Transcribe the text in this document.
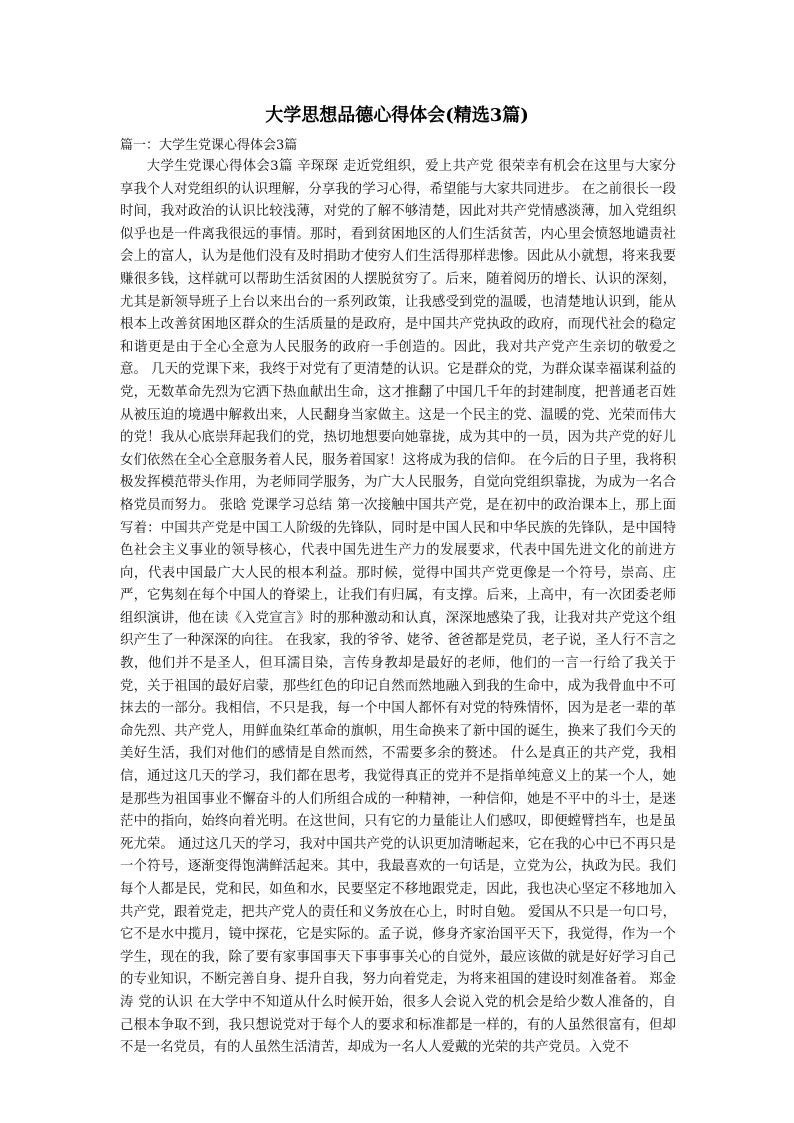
大学思想品德心得体会(精选3篇)

篇一：大学生党课心得体会3篇

大学生党课心得体会3篇 辛琛琛 走近党组织，爱上共产党 很荣幸有机会在这里与大家分享我个人对党组织的认识理解，分享我的学习心得，希望能与大家共同进步。 在之前很长一段时间，我对政治的认识比较浅薄，对党的了解不够清楚，因此对共产党情感淡薄，加入党组织似乎也是一件离我很远的事情。那时，看到贫困地区的人们生活贫苦，内心里会愤怒地谴责社会上的富人，认为是他们没有及时捐助才使穷人们生活得那样悲惨。因此从小就想，将来我要赚很多钱，这样就可以帮助生活贫困的人摆脱贫穷了。后来，随着阅历的增长、认识的深刻，尤其是新领导班子上台以来出台的一系列政策，让我感受到党的温暖，也清楚地认识到，能从根本上改善贫困地区群众的生活质量的是政府，是中国共产党执政的政府，而现代社会的稳定和谐更是由于全心全意为人民服务的政府一手创造的。因此，我对共产党产生亲切的敬爱之意。 几天的党课下来，我终于对党有了更清楚的认识。它是群众的党，为群众谋幸福谋利益的党，无数革命先烈为它洒下热血献出生命，这才推翻了中国几千年的封建制度，把普通老百姓从被压迫的境遇中解救出来，人民翻身当家做主。这是一个民主的党、温暖的党、光荣而伟大的党！我从心底崇拜起我们的党，热切地想要向她靠拢，成为其中的一员，因为共产党的好儿女们依然在全心全意服务着人民，服务着国家！这将成为我的信仰。 在今后的日子里，我将积极发挥模范带头作用，为老师同学服务，为广大人民服务，自觉向党组织靠拢，为成为一名合格党员而努力。 张晗 党课学习总结 第一次接触中国共产党，是在初中的政治课本上，那上面写着：中国共产党是中国工人阶级的先锋队，同时是中国人民和中华民族的先锋队，是中国特色社会主义事业的领导核心，代表中国先进生产力的发展要求，代表中国先进文化的前进方向，代表中国最广大人民的根本利益。那时候，觉得中国共产党更像是一个符号，崇高、庄严，它隽刻在每个中国人的脊梁上，让我们有归属，有支撑。后来，上高中，有一次团委老师组织演讲，他在读《入党宣言》时的那种激动和认真，深深地感染了我，让我对共产党这个组织产生了一种深深的向往。 在我家，我的爷爷、姥爷、爸爸都是党员，老子说，圣人行不言之教，他们并不是圣人，但耳濡目染，言传身教却是最好的老师，他们的一言一行给了我关于党，关于祖国的最好启蒙，那些红色的印记自然而然地融入到我的生命中，成为我骨血中不可抹去的一部分。我相信，不只是我，每一个中国人都怀有对党的特殊情怀，因为是老一辈的革命先烈、共产党人，用鲜血染红革命的旗帜，用生命换来了新中国的诞生，换来了我们今天的美好生活，我们对他们的感情是自然而然，不需要多余的赘述。 什么是真正的共产党，我相信，通过这几天的学习，我们都在思考，我觉得真正的党并不是指单纯意义上的某一个人，她是那些为祖国事业不懈奋斗的人们所组合成的一种精神，一种信仰，她是不平中的斗士，是迷茫中的指向，始终向着光明。在这世间，只有它的力量能让人们感叹，即便螳臂挡车，也是虽死尤荣。 通过这几天的学习，我对中国共产党的认识更加清晰起来，它在我的心中已不再只是一个符号，逐渐变得饱满鲜活起来。其中，我最喜欢的一句话是，立党为公，执政为民。我们每个人都是民，党和民，如鱼和水，民要坚定不移地跟党走，因此，我也决心坚定不移地加入共产党，跟着党走，把共产党人的责任和义务放在心上，时时自勉。 爱国从不只是一句口号，它不是水中揽月，镜中探花，它是实际的。孟子说，修身齐家治国平天下，我觉得，作为一个学生，现在的我，除了要有家事国事天下事事事关心的自觉外，最应该做的就是好好学习自己的专业知识，不断完善自身、提升自我，努力向着党走，为将来祖国的建设时刻准备着。 郑金涛 党的认识 在大学中不知道从什么时候开始，很多人会说入党的机会是给少数人准备的，自己根本争取不到，我只想说党对于每个人的要求和标准都是一样的，有的人虽然很富有，但却不是一名党员，有的人虽然生活清苦，却成为一名人人爱戴的光荣的共产党员。入党不
